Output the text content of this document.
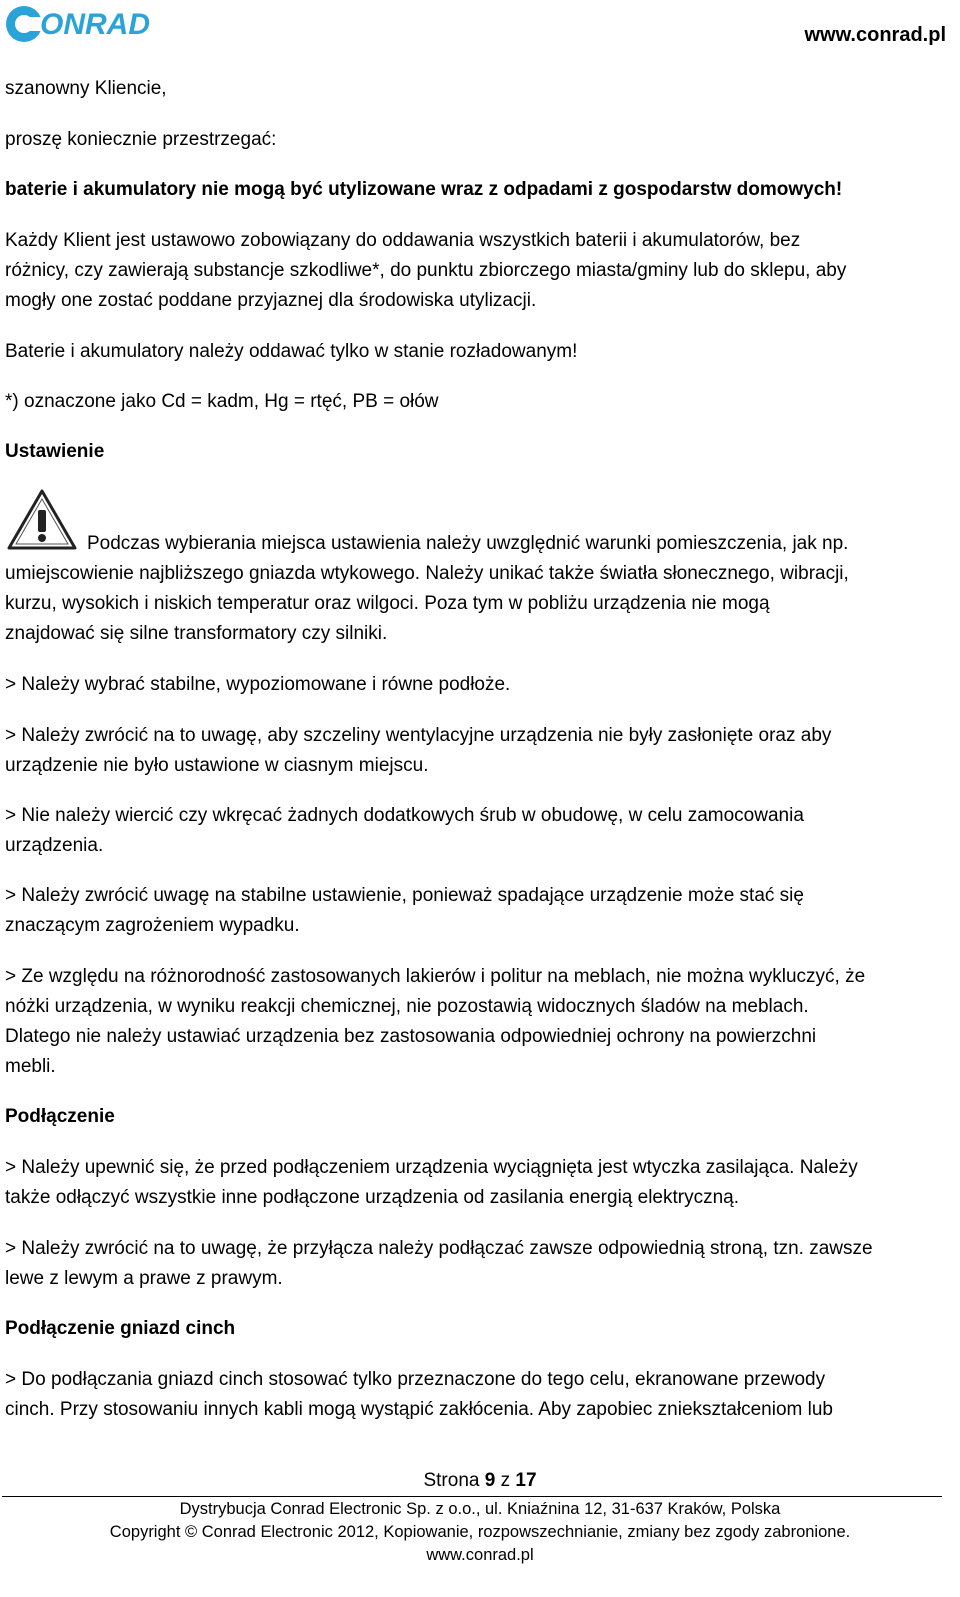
ONRAD	www.conrad.pl

szanowny Kliencie,

proszę koniecznie przestrzegać:

baterie i akumulatory nie mogą być utylizowane wraz z odpadami z gospodarstw domowych!

Każdy Klient jest ustawowo zobowiązany do oddawania wszystkich baterii i akumulatorów, bez

różnicy, czy zawierają substancje szkodliwe*, do punktu zbiorczego miasta/gminy lub do sklepu, aby

mogły one zostać poddane przyjaznej dla środowiska utylizacji.

Baterie i akumulatory należy oddawać tylko w stanie rozładowanym!

*) oznaczone jako Cd = kadm, Hg = rtęć, PB = ołów

Ustawienie

Podczas wybierania miejsca ustawienia należy uwzględnić warunki pomieszczenia, jak np.

umiejscowienie najbliższego gniazda wtykowego. Należy unikać także światła słonecznego, wibracji,

kurzu, wysokich i niskich temperatur oraz wilgoci. Poza tym w pobliżu urządzenia nie mogą

znajdować się silne transformatory czy silniki.

> Należy wybrać stabilne, wypoziomowane i równe podłoże.

> Należy zwrócić na to uwagę, aby szczeliny wentylacyjne urządzenia nie były zasłonięte oraz aby

urządzenie nie było ustawione w ciasnym miejscu.

> Nie należy wiercić czy wkręcać żadnych dodatkowych śrub w obudowę, w celu zamocowania

urządzenia.

> Należy zwrócić uwagę na stabilne ustawienie, ponieważ spadające urządzenie może stać się

znaczącym zagrożeniem wypadku.

> Ze względu na różnorodność zastosowanych lakierów i politur na meblach, nie można wykluczyć, że

nóżki urządzenia, w wyniku reakcji chemicznej, nie pozostawią widocznych śladów na meblach.

Dlatego nie należy ustawiać urządzenia bez zastosowania odpowiedniej ochrony na powierzchni

mebli.

Podłączenie

> Należy upewnić się, że przed podłączeniem urządzenia wyciągnięta jest wtyczka zasilająca. Należy

także odłączyć wszystkie inne podłączone urządzenia od zasilania energią elektryczną.

> Należy zwrócić na to uwagę, że przyłącza należy podłączać zawsze odpowiednią stroną, tzn. zawsze

lewe z lewym a prawe z prawym.

Podłączenie gniazd cinch

> Do podłączania gniazd cinch stosować tylko przeznaczone do tego celu, ekranowane przewody

cinch. Przy stosowaniu innych kabli mogą wystąpić zakłócenia. Aby zapobiec zniekształceniom lub

Strona 9 z 17
Dystrybucja Conrad Electronic Sp. z o.o., ul. Kniaźnina 12, 31-637 Kraków, Polska
Copyright © Conrad Electronic 2012, Kopiowanie, rozpowszechnianie, zmiany bez zgody zabronione.
www.conrad.pl
